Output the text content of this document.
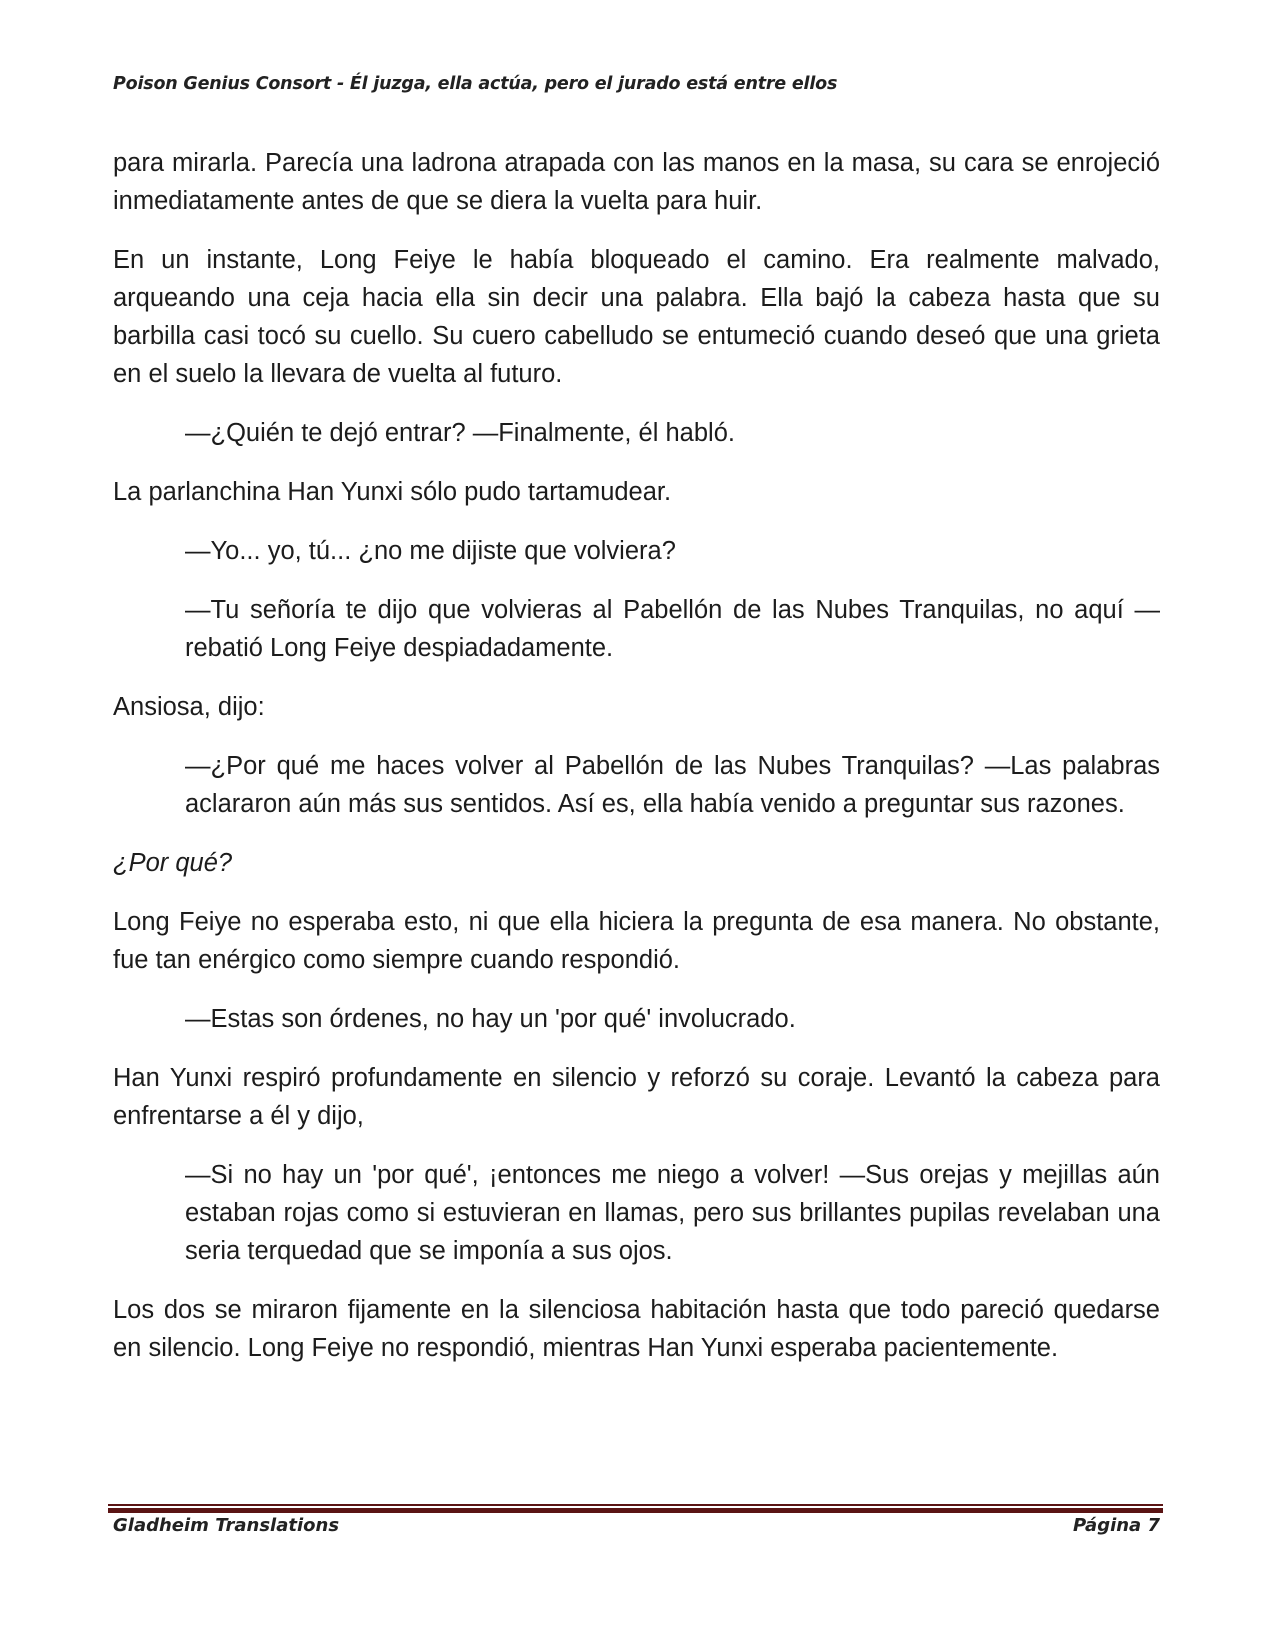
Poison Genius Consort - Él juzga, ella actúa, pero el jurado está entre ellos

para mirarla. Parecía una ladrona atrapada con las manos en la masa, su cara se enrojeció inmediatamente antes de que se diera la vuelta para huir.

En un instante, Long Feiye le había bloqueado el camino. Era realmente malvado, arqueando una ceja hacia ella sin decir una palabra. Ella bajó la cabeza hasta que su barbilla casi tocó su cuello. Su cuero cabelludo se entumeció cuando deseó que una grieta en el suelo la llevara de vuelta al futuro.

—¿Quién te dejó entrar? —Finalmente, él habló.

La parlanchina Han Yunxi sólo pudo tartamudear.

—Yo... yo, tú... ¿no me dijiste que volviera?

—Tu señoría te dijo que volvieras al Pabellón de las Nubes Tranquilas, no aquí —rebatió Long Feiye despiadadamente.

Ansiosa, dijo:

—¿Por qué me haces volver al Pabellón de las Nubes Tranquilas? —Las palabras aclararon aún más sus sentidos. Así es, ella había venido a preguntar sus razones.

¿Por qué?

Long Feiye no esperaba esto, ni que ella hiciera la pregunta de esa manera. No obstante, fue tan enérgico como siempre cuando respondió.

—Estas son órdenes, no hay un 'por qué' involucrado.

Han Yunxi respiró profundamente en silencio y reforzó su coraje. Levantó la cabeza para enfrentarse a él y dijo,

—Si no hay un 'por qué', ¡entonces me niego a volver! —Sus orejas y mejillas aún estaban rojas como si estuvieran en llamas, pero sus brillantes pupilas revelaban una seria terquedad que se imponía a sus ojos.

Los dos se miraron fijamente en la silenciosa habitación hasta que todo pareció quedarse en silencio. Long Feiye no respondió, mientras Han Yunxi esperaba pacientemente.

Gladheim Translations	Página 7
